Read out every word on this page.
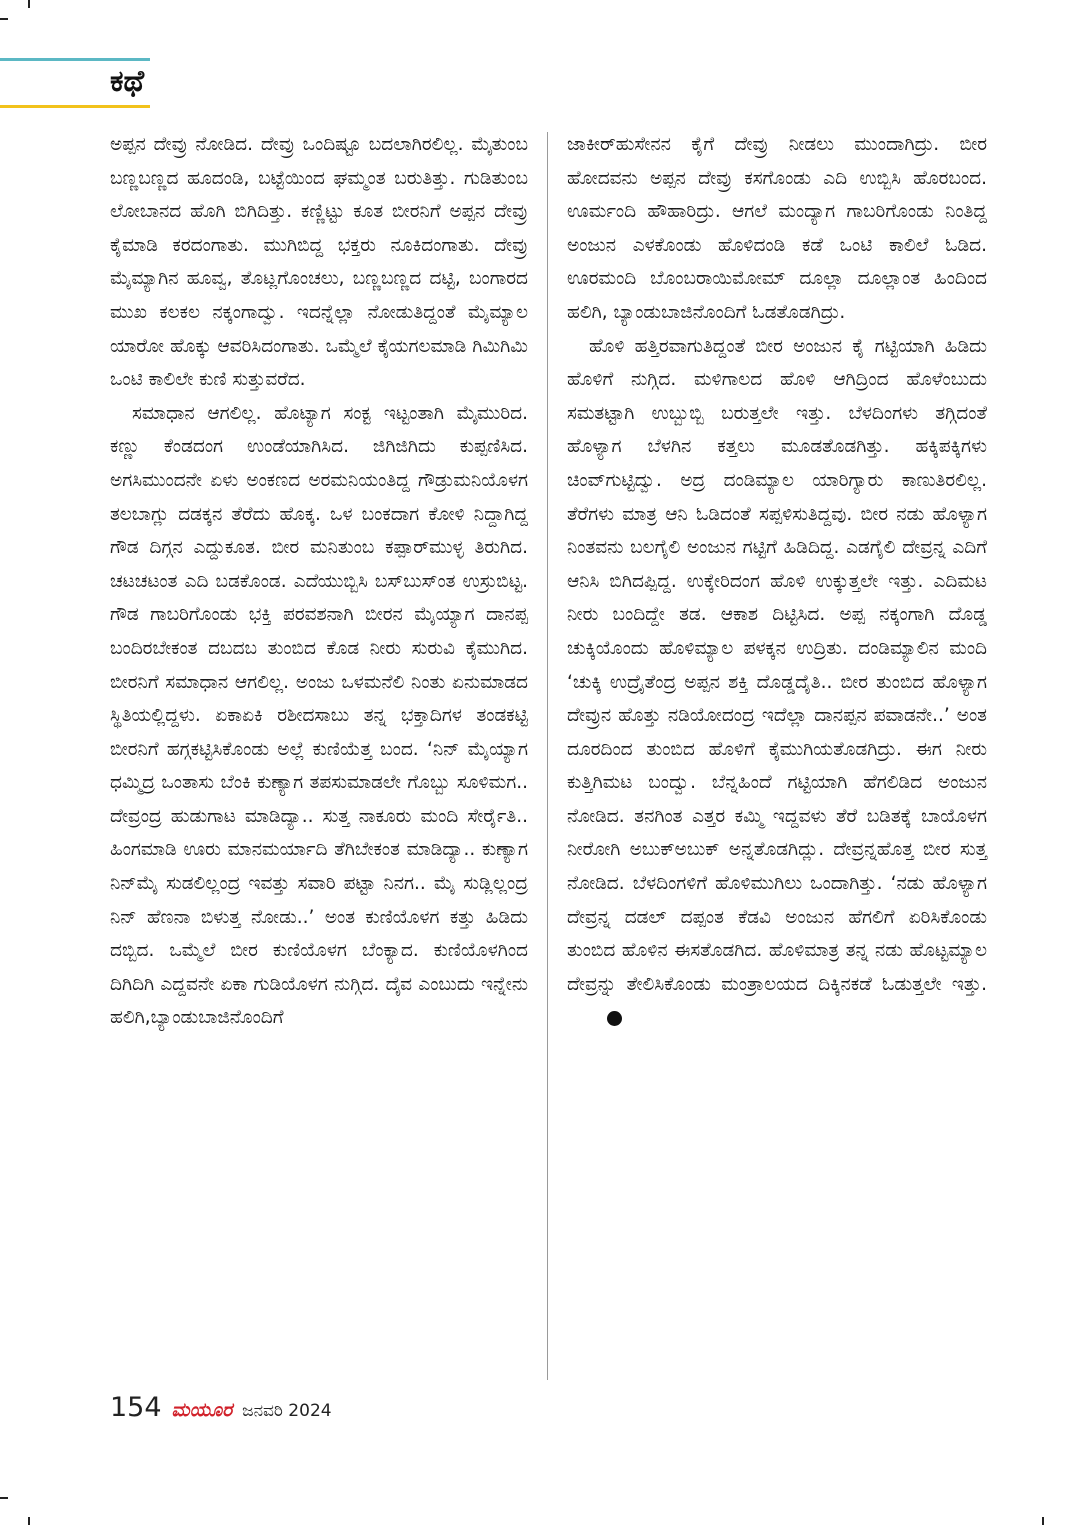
ಕಥೆ

ಅಪ್ಪನ ದೇವ್ರು ನೋಡಿದ. ದೇವ್ರು ಒಂದಿಷ್ಟೂ ಬದಲಾಗಿರಲಿಲ್ಲ. ಮೈತುಂಬ ಬಣ್ಣಬಣ್ಣದ ಹೂದಂಡಿ, ಬಟ್ಟೆಯಿಂದ ಘಮ್ಮಂತ ಬರುತಿತ್ತು. ಗುಡಿತುಂಬ ಲೋಬಾನದ ಹೊಗಿ ಬಿಗಿದಿತ್ತು. ಕಣ್ಣಿಟ್ಟು ಕೂತ ಬೀರನಿಗೆ ಅಪ್ಪನ ದೇವ್ರು ಕೈಮಾಡಿ ಕರದಂಗಾತು. ಮುಗಿಬಿದ್ದ ಭಕ್ತರು ನೂಕಿದಂಗಾತು. ದೇವ್ರು ಮೈಮ್ಯಾಗಿನ ಹೂವ್ವ, ತೊಟ್ಲಗೊಂಚಲು, ಬಣ್ಣಬಣ್ಣದ ದಟ್ಟಿ, ಬಂಗಾರದ ಮುಖ ಕಲಕಲ ನಕ್ಕಂಗಾದ್ವು. ಇದನ್ನೆಲ್ಲಾ ನೋಡುತಿದ್ದಂತೆ ಮೈಮ್ಯಾಲ ಯಾರೋ ಹೊಕ್ಕು ಆವರಿಸಿದಂಗಾತು. ಒಮ್ಮೆಲೆ ಕೈಯಗಲಮಾಡಿ ಗಿಮಿಗಿಮಿ ಒಂಟಿ ಕಾಲಿಲೇ ಕುಣಿ ಸುತ್ತುವರೆದ.

ಸಮಾಧಾನ ಆಗಲಿಲ್ಲ. ಹೊಟ್ಯಾಗ ಸಂಕ್ಟ ಇಟ್ಟಂತಾಗಿ ಮೈಮುರಿದ. ಕಣ್ಣು ಕೆಂಡದಂಗ ಉಂಡೆಯಾಗಿಸಿದ. ಜಿಗಿಜಿಗಿದು ಕುಪ್ಪಣಿಸಿದ. ಅಗಸಿಮುಂದನೇ ಏಳು ಅಂಕಣದ ಅರಮನಿಯಂತಿದ್ದ ಗೌಡ್ರುಮನಿಯೊಳಗ ತಲಬಾಗ್ಲು ದಡಕ್ಕನ ತೆರೆದು ಹೊಕ್ಕ. ಒಳ ಬಂಕದಾಗ ಕೋಳಿ ನಿದ್ದಾಗಿದ್ದ ಗೌಡ ದಿಗ್ಗನ ಎದ್ದುಕೂತ. ಬೀರ ಮನಿತುಂಬ ಕಪ್ಪಾರ್‌ಮುಳ್ಳ ತಿರುಗಿದ. ಚಟಚಟಂತ ಎದಿ ಬಡಕೊಂಡ. ಎದೆಯುಬ್ಬಿಸಿ ಬಸ್‌ಬುಸ್‌ಂತ ಉಸ್ರುಬಿಟ್ಟ. ಗೌಡ ಗಾಬರಿಗೊಂಡು ಭಕ್ತಿ ಪರವಶನಾಗಿ ಬೀರನ ಮೈಯ್ಯಾಗ ದಾನಪ್ಪ ಬಂದಿರಬೇಕಂತ ದಬದಬ ತುಂಬಿದ ಕೊಡ ನೀರು ಸುರುವಿ ಕೈಮುಗಿದ. ಬೀರನಿಗೆ ಸಮಾಧಾನ ಆಗಲಿಲ್ಲ. ಅಂಜು ಒಳಮನೆಲಿ ನಿಂತು ಏನುಮಾಡದ ಸ್ಥಿತಿಯಲ್ಲಿದ್ದಳು. ಏಕಾಏಕಿ ರಶೀದಸಾಬು ತನ್ನ ಭಕ್ತಾದಿಗಳ ತಂಡಕಟ್ಟಿ ಬೀರನಿಗೆ ಹಗ್ಗಕಟ್ಟಿಸಿಕೊಂಡು ಅಲ್ಲೆ ಕುಣಿಯೆತ್ತ ಬಂದ. ‘ನಿನ್ ಮೈಯ್ಯಾಗ ಧಮ್ಮಿದ್ರ ಒಂತಾಸು ಬೆಂಕಿ ಕುಣ್ಯಾಗ ತಪಸುಮಾಡಲೇ ಗೊಬ್ಬು ಸೂಳಿಮಗ.. ದೇವ್ರಂದ್ರ ಹುಡುಗಾಟ ಮಾಡಿದ್ಯಾ.. ಸುತ್ತ ನಾಕೂರು ಮಂದಿ ಸೇರ್ರೈತಿ.. ಹಿಂಗಮಾಡಿ ಊರು ಮಾನಮರ್ಯಾದಿ ತೆಗಿಬೇಕಂತ ಮಾಡಿದ್ಯಾ.. ಕುಣ್ಯಾಗ ನಿನ್‌ಮೈ ಸುಡಲಿಲ್ಲಂದ್ರ ಇವತ್ತು ಸವಾರಿ ಪಟ್ಟಾ ನಿನಗ.. ಮೈ ಸುಡ್ಲಿಲ್ಲಂದ್ರ ನಿನ್ ಹೆಣನಾ ಬಿಳುತ್ತ ನೋಡು..’ ಅಂತ ಕುಣಿಯೊಳಗ ಕತ್ತು ಹಿಡಿದು ದಬ್ಬಿದ. ಒಮ್ಮೆಲೆ ಬೀರ ಕುಣಿಯೊಳಗ ಬೆಂಕ್ಯಾದ. ಕುಣಿಯೊಳಗಿಂದ ದಿಗಿದಿಗಿ ಎದ್ದವನೇ ಏಕಾ ಗುಡಿಯೊಳಗ ನುಗ್ಗಿದ. ದೈವ ಎಂಬುದು ಇನ್ನೇನು ಹಲಿಗಿ,ಬ್ಯಾಂಡುಬಾಜಿನೊಂದಿಗೆ

ಜಾಕೀರ್‌ಹುಸೇನನ ಕೈಗೆ ದೇವ್ರು ನೀಡಲು ಮುಂದಾಗಿದ್ರು. ಬೀರ ಹೋದವನು ಅಪ್ಪನ ದೇವ್ರು ಕಸಗೊಂಡು ಎದಿ ಉಬ್ಬಿಸಿ ಹೊರಬಂದ. ಊರ್ಮಂದಿ ಹೌಹಾರಿದ್ರು. ಆಗಲೆ ಮಂದ್ಯಾಗ ಗಾಬರಿಗೊಂಡು ನಿಂತಿದ್ದ ಅಂಜುನ ಎಳಕೊಂಡು ಹೊಳಿದಂಡಿ ಕಡೆ ಒಂಟಿ ಕಾಲಿಲೆ ಓಡಿದ. ಊರಮಂದಿ ಬೊಂಬರಾಯಿಮೋಮ್ ದೂಲ್ಲಾ ದೂಲ್ಲಾಂತ ಹಿಂದಿಂದ ಹಲಿಗಿ, ಬ್ಯಾಂಡುಬಾಜಿನೊಂದಿಗೆ ಓಡತೊಡಗಿದ್ರು.

ಹೊಳಿ ಹತ್ತಿರವಾಗುತಿದ್ದಂತೆ ಬೀರ ಅಂಜುನ ಕೈ ಗಟ್ಟಿಯಾಗಿ ಹಿಡಿದು ಹೊಳಿಗೆ ನುಗ್ಗಿದ. ಮಳಿಗಾಲದ ಹೊಳಿ ಆಗಿದ್ರಿಂದ ಹೊಳೆಂಬುದು ಸಮತಟ್ಟಾಗಿ ಉಬ್ಬುಬ್ಬಿ ಬರುತ್ತಲೇ ಇತ್ತು. ಬೆಳದಿಂಗಳು ತಗ್ಗಿದಂತೆ ಹೊಳ್ಯಾಗ ಬೆಳಗಿನ ಕತ್ತಲು ಮೂಡತೊಡಗಿತ್ತು. ಹಕ್ಕಿಪಕ್ಕಿಗಳು ಚಿಂವ್‌ಗುಟ್ಟಿದ್ವು. ಅದ್ರ ದಂಡಿಮ್ಯಾಲ ಯಾರಿಗ್ಯಾರು ಕಾಣುತಿರಲಿಲ್ಲ. ತೆರೆಗಳು ಮಾತ್ರ ಆನಿ ಓಡಿದಂತೆ ಸಪ್ಪಳಿಸುತಿದ್ದವು. ಬೀರ ನಡು ಹೊಳ್ಯಾಗ ನಿಂತವನು ಬಲಗೈಲಿ ಅಂಜುನ ಗಟ್ಟಿಗೆ ಹಿಡಿದಿದ್ದ. ಎಡಗೈಲಿ ದೇವ್ರನ್ನ ಎದಿಗೆ ಆನಿಸಿ ಬಿಗಿದಪ್ಪಿದ್ದ. ಉಕ್ಕೇರಿದಂಗ ಹೊಳಿ ಉಕ್ಕುತ್ತಲೇ ಇತ್ತು. ಎದಿಮಟ ನೀರು ಬಂದಿದ್ದೇ ತಡ. ಆಕಾಶ ದಿಟ್ಟಿಸಿದ. ಅಪ್ಪ ನಕ್ಕಂಗಾಗಿ ದೊಡ್ಡ ಚುಕ್ಕಿಯೊಂದು ಹೊಳಿಮ್ಯಾಲ ಪಳಕ್ಕನ ಉದ್ರಿತು. ದಂಡಿಮ್ಯಾಲಿನ ಮಂದಿ ‘ಚುಕ್ಕಿ ಉದ್ರೈತೆಂದ್ರ ಅಪ್ಪನ ಶಕ್ತಿ ದೊಡ್ಡದೈತಿ.. ಬೀರ ತುಂಬಿದ ಹೊಳ್ಯಾಗ ದೇವ್ರುನ ಹೊತ್ತು ನಡಿಯೋದಂದ್ರ ಇದೆಲ್ಲಾ ದಾನಪ್ಪನ ಪವಾಡನೇ..’ ಅಂತ ದೂರದಿಂದ ತುಂಬಿದ ಹೊಳಿಗೆ ಕೈಮುಗಿಯತೊಡಗಿದ್ರು. ಈಗ ನೀರು ಕುತ್ತಿಗಿಮಟ ಬಂದ್ವು. ಬೆನ್ನಹಿಂದೆ ಗಟ್ಟಿಯಾಗಿ ಹೆಗಲಿಡಿದ ಅಂಜುನ ನೋಡಿದ. ತನಗಿಂತ ಎತ್ತರ ಕಮ್ಮಿ ಇದ್ದವಳು ತೆರೆ ಬಡಿತಕ್ಕೆ ಬಾಯೊಳಗ ನೀರೋಗಿ ಅಬುಕ್‌ಅಬುಕ್ ಅನ್ನತೊಡಗಿದ್ಲು. ದೇವ್ರನ್ನಹೊತ್ತ ಬೀರ ಸುತ್ತ ನೋಡಿದ. ಬೆಳದಿಂಗಳಿಗೆ ಹೊಳಿಮುಗಿಲು ಒಂದಾಗಿತ್ತು. ‘ನಡು ಹೊಳ್ಯಾಗ ದೇವ್ರನ್ನ ದಡಲ್ ದಪ್ಪಂತ ಕೆಡವಿ ಅಂಜುನ ಹೆಗಲಿಗೆ ಏರಿಸಿಕೊಂಡು ತುಂಬಿದ ಹೊಳಿನ ಈಸತೊಡಗಿದ. ಹೊಳಿಮಾತ್ರ ತನ್ನ ನಡು ಹೊಟ್ಟಮ್ಯಾಲ ದೇವ್ರನ್ನು ತೇಲಿಸಿಕೊಂಡು ಮಂತ್ರಾಲಯದ ದಿಕ್ಕಿನಕಡೆ ಓಡುತ್ತಲೇ ಇತ್ತು.

154 ಮಯೂರ ಜನವರಿ 2024
